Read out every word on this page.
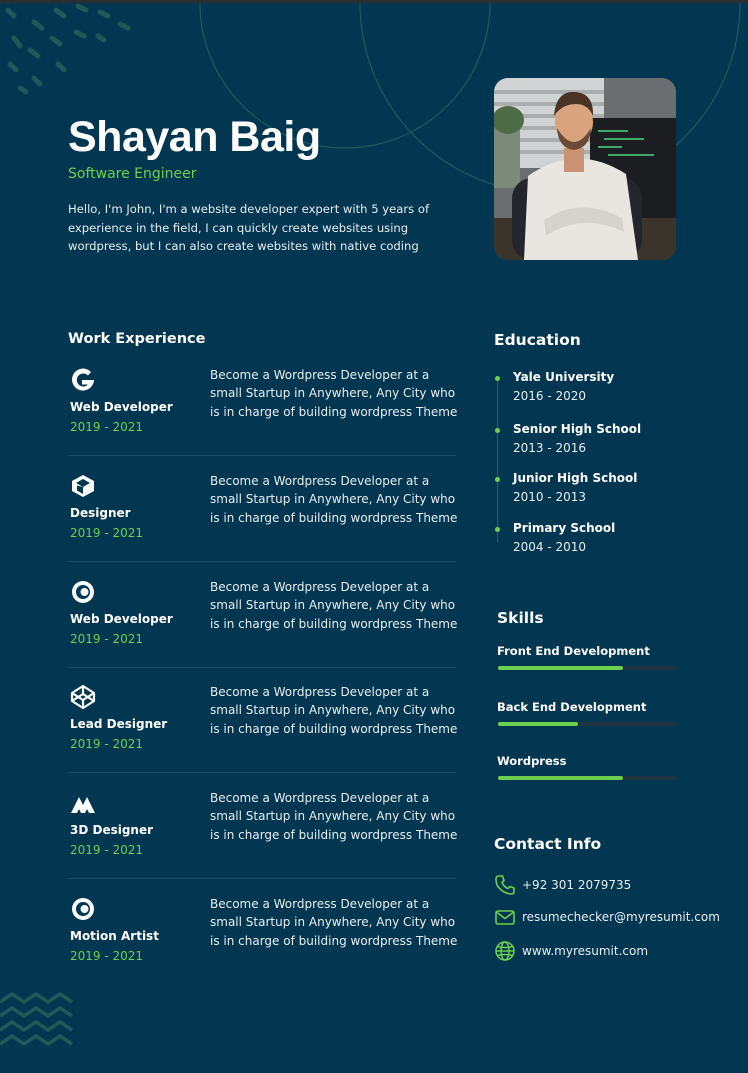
Shayan Baig
Software Engineer
Hello, I'm John, I'm a website developer expert with 5 years of experience in the field, I can quickly create websites using wordpress, but I can also create websites with native coding
Work Experience
Web Developer
2019 - 2021
Become a Wordpress Developer at a small Startup in Anywhere, Any City who is in charge of building wordpress Theme
Designer
2019 - 2021
Become a Wordpress Developer at a small Startup in Anywhere, Any City who is in charge of building wordpress Theme
Web Developer
2019 - 2021
Become a Wordpress Developer at a small Startup in Anywhere, Any City who is in charge of building wordpress Theme
Lead Designer
2019 - 2021
Become a Wordpress Developer at a small Startup in Anywhere, Any City who is in charge of building wordpress Theme
3D Designer
2019 - 2021
Become a Wordpress Developer at a small Startup in Anywhere, Any City who is in charge of building wordpress Theme
Motion Artist
2019 - 2021
Become a Wordpress Developer at a small Startup in Anywhere, Any City who is in charge of building wordpress Theme
Education
Yale University
2016 - 2020
Senior High School
2013 - 2016
Junior High School
2010 - 2013
Primary School
2004 - 2010
Skills
Front End Development
Back End Development
Wordpress
Contact Info
+92 301 2079735
resumechecker@myresumit.com
www.myresumit.com
